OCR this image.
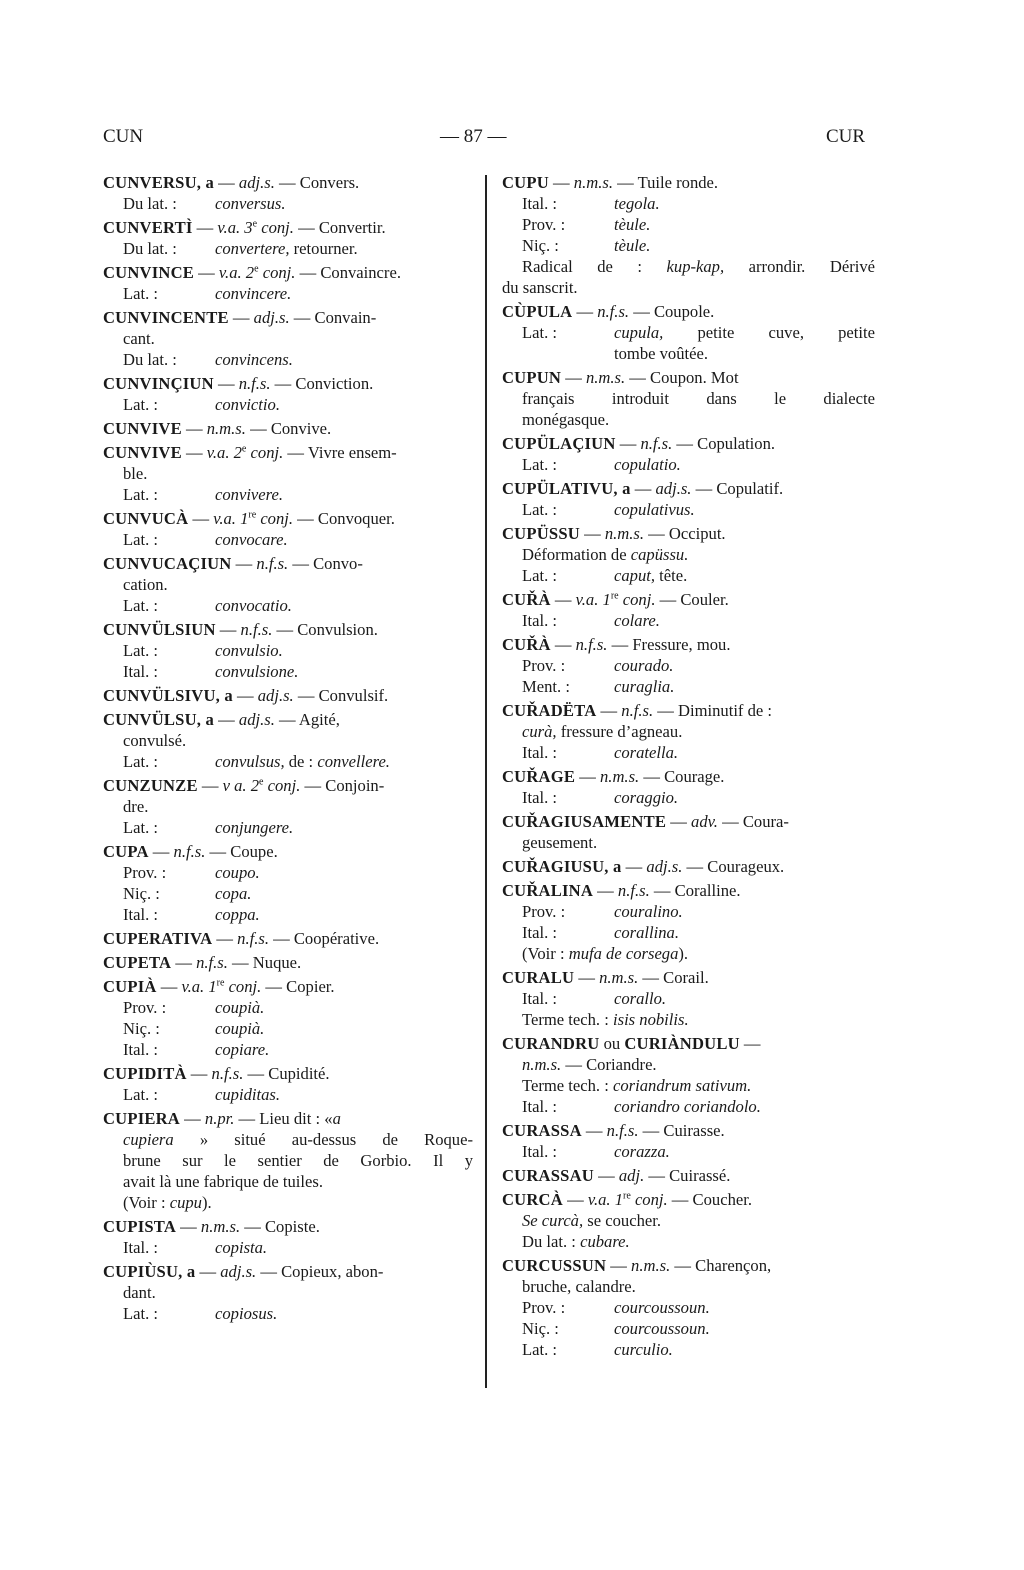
CUN	— 87 —	CUR
CUNVERSU, a — adj.s. — Convers.
Du lat. :	conversus.
CUNVERTÌ — v.a. 3e conj. — Convertir.
Du lat. :	convertere, retourner.
CUNVINCE — v.a. 2e conj. — Convaincre.
Lat. :	convincere.
CUNVINCENTE — adj.s. — Convain-
cant.
Du lat. :	convincens.
CUNVINÇIUN — n.f.s. — Conviction.
Lat. :	convictio.
CUNVIVE — n.m.s. — Convive.
CUNVIVE — v.a. 2e conj. — Vivre ensem-
ble.
Lat. :	convivere.
CUNVUCÀ — v.a. 1re conj. — Convoquer.
Lat. :	convocare.
CUNVUCAÇIUN — n.f.s. — Convo-
cation.
Lat. :	convocatio.
CUNVÜLSIUN — n.f.s. — Convulsion.
Lat. :	convulsio.
Ital. :	convulsione.
CUNVÜLSIVU, a — adj.s. — Convulsif.
CUNVÜLSU, a — adj.s. — Agité,
convulsé.
Lat. :	convulsus, de : convellere.
CUNZUNZE — v a. 2e conj. — Conjoin-
dre.
Lat. :	conjungere.
CUPA — n.f.s. — Coupe.
Prov. :	coupo.
Niç. :	copa.
Ital. :	coppa.
CUPERATIVA — n.f.s. — Coopérative.
CUPETA — n.f.s. — Nuque.
CUPIÀ — v.a. 1re conj. — Copier.
Prov. :	coupià.
Niç. :	coupià.
Ital. :	copiare.
CUPIDITÀ — n.f.s. — Cupidité.
Lat. :	cupiditas.
CUPIERA — n.pr. — Lieu dit : «a
cupiera » situé au-dessus de Roque-
brune sur le sentier de Gorbio. Il y
avait là une fabrique de tuiles.
(Voir : cupu).
CUPISTA — n.m.s. — Copiste.
Ital. :	copista.
CUPIÙSU, a — adj.s. — Copieux, abon-
dant.
Lat. :	copiosus.
CUPU — n.m.s. — Tuile ronde.
Ital. :	tegola.
Prov. :	tèule.
Niç. :	tèule.
Radical de : kup-kap, arrondir. Dérivé
du sanscrit.
CÙPULA — n.f.s. — Coupole.
Lat. :	cupula, petite cuve, petite
tombe voûtée.
CUPUN — n.m.s. — Coupon. Mot
français introduit dans le dialecte
monégasque.
CUPÜLAÇIUN — n.f.s. — Copulation.
Lat. :	copulatio.
CUPÜLATIVU, a — adj.s. — Copulatif.
Lat. :	copulativus.
CUPÜSSU — n.m.s. — Occiput.
Déformation de capüssu.
Lat. :	caput, tête.
CUŘÀ — v.a. 1re conj. — Couler.
Ital. :	colare.
CUŘÀ — n.f.s. — Fressure, mou.
Prov. :	courado.
Ment. :	curaglia.
CUŘADËTA — n.f.s. — Diminutif de :
curà, fressure d’agneau.
Ital. :	coratella.
CUŘAGE — n.m.s. — Courage.
Ital. :	coraggio.
CUŘAGIUSAMENTE — adv. — Coura-
geusement.
CUŘAGIUSU, a — adj.s. — Courageux.
CUŘALINA — n.f.s. — Coralline.
Prov. :	couralino.
Ital. :	corallina.
(Voir : mufa de corsega).
CURALU — n.m.s. — Corail.
Ital. :	corallo.
Terme tech. : isis nobilis.
CURANDRU ou CURIÀNDULU —
n.m.s. — Coriandre.
Terme tech. : coriandrum sativum.
Ital. :	coriandro coriandolo.
CURASSA — n.f.s. — Cuirasse.
Ital. :	corazza.
CURASSAU — adj. — Cuirassé.
CURCÀ — v.a. 1re conj. — Coucher.
Se curcà, se coucher.
Du lat. : cubare.
CURCUSSUN — n.m.s. — Charençon,
bruche, calandre.
Prov. :	courcoussoun.
Niç. :	courcoussoun.
Lat. :	curculio.
